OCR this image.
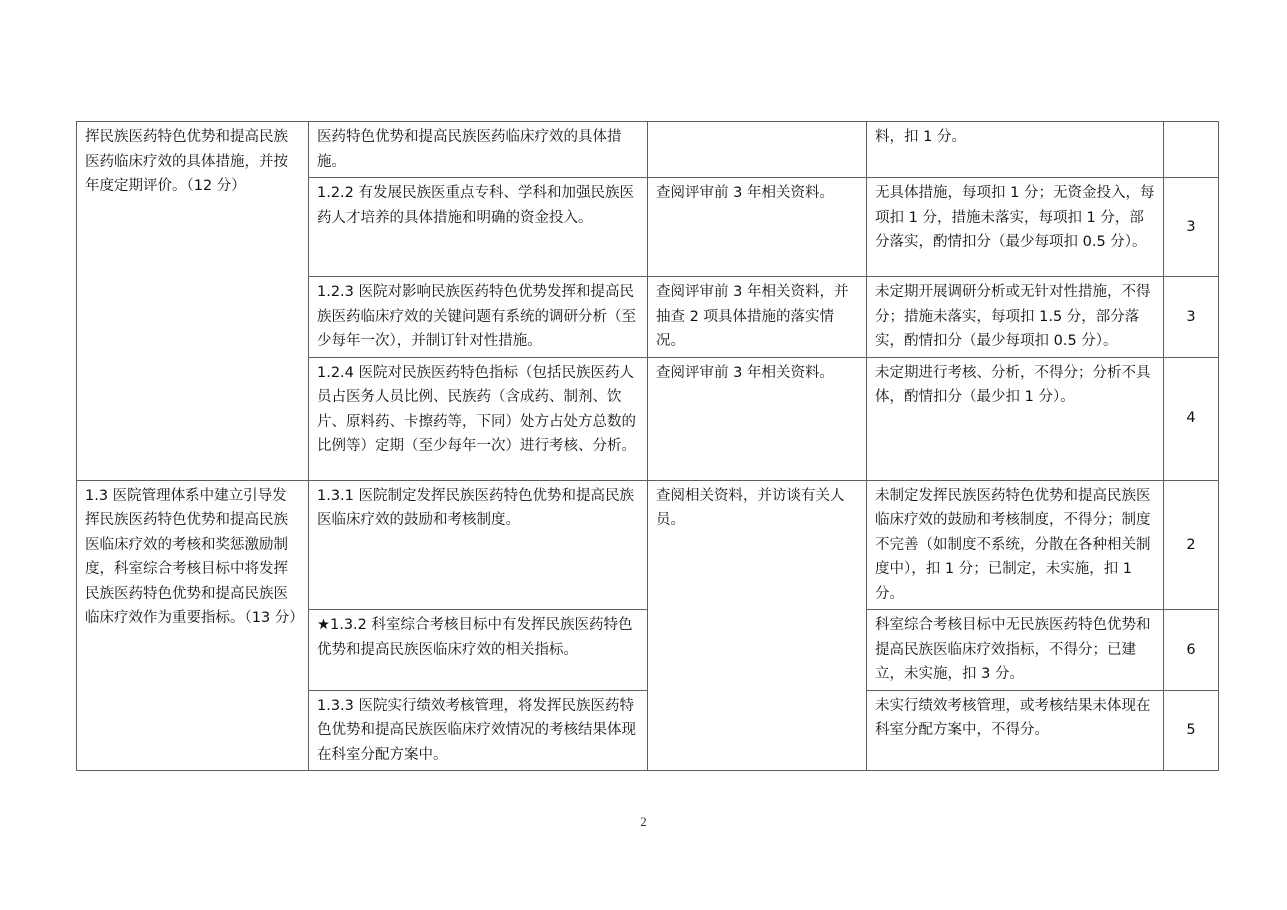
挥民族医药特色优势和提高民族医药临床疗效的具体措施，并按年度定期评价。（12 分）	医药特色优势和提高民族医药临床疗效的具体措施。		料，扣 1 分。	
	1.2.2 有发展民族医重点专科、学科和加强民族医药人才培养的具体措施和明确的资金投入。	查阅评审前 3 年相关资料。	无具体措施，每项扣 1 分；无资金投入，每项扣 1 分，措施未落实，每项扣 1 分，部分落实，酌情扣分（最少每项扣 0.5 分）。	3
	1.2.3 医院对影响民族医药特色优势发挥和提高民族医药临床疗效的关键问题有系统的调研分析（至少每年一次），并制订针对性措施。	查阅评审前 3 年相关资料，并抽查 2 项具体措施的落实情况。	未定期开展调研分析或无针对性措施，不得分；措施未落实，每项扣 1.5 分，部分落实，酌情扣分（最少每项扣 0.5 分）。	3
	1.2.4 医院对民族医药特色指标（包括民族医药人员占医务人员比例、民族药（含成药、制剂、饮片、原料药、卡擦药等，下同）处方占处方总数的比例等）定期（至少每年一次）进行考核、分析。	查阅评审前 3 年相关资料。	未定期进行考核、分析，不得分；分析不具体，酌情扣分（最少扣 1 分）。	4
1.3 医院管理体系中建立引导发挥民族医药特色优势和提高民族医临床疗效的考核和奖惩激励制度，科室综合考核目标中将发挥民族医药特色优势和提高民族医临床疗效作为重要指标。（13 分）	1.3.1 医院制定发挥民族医药特色优势和提高民族医临床疗效的鼓励和考核制度。	查阅相关资料，并访谈有关人员。	未制定发挥民族医药特色优势和提高民族医临床疗效的鼓励和考核制度，不得分；制度不完善（如制度不系统，分散在各种相关制度中），扣 1 分；已制定，未实施，扣 1 分。	2
	★1.3.2 科室综合考核目标中有发挥民族医药特色优势和提高民族医临床疗效的相关指标。		科室综合考核目标中无民族医药特色优势和提高民族医临床疗效指标，不得分；已建立，未实施，扣 3 分。	6
	1.3.3 医院实行绩效考核管理，将发挥民族医药特色优势和提高民族医临床疗效情况的考核结果体现在科室分配方案中。		未实行绩效考核管理，或考核结果未体现在科室分配方案中，不得分。	5
2
